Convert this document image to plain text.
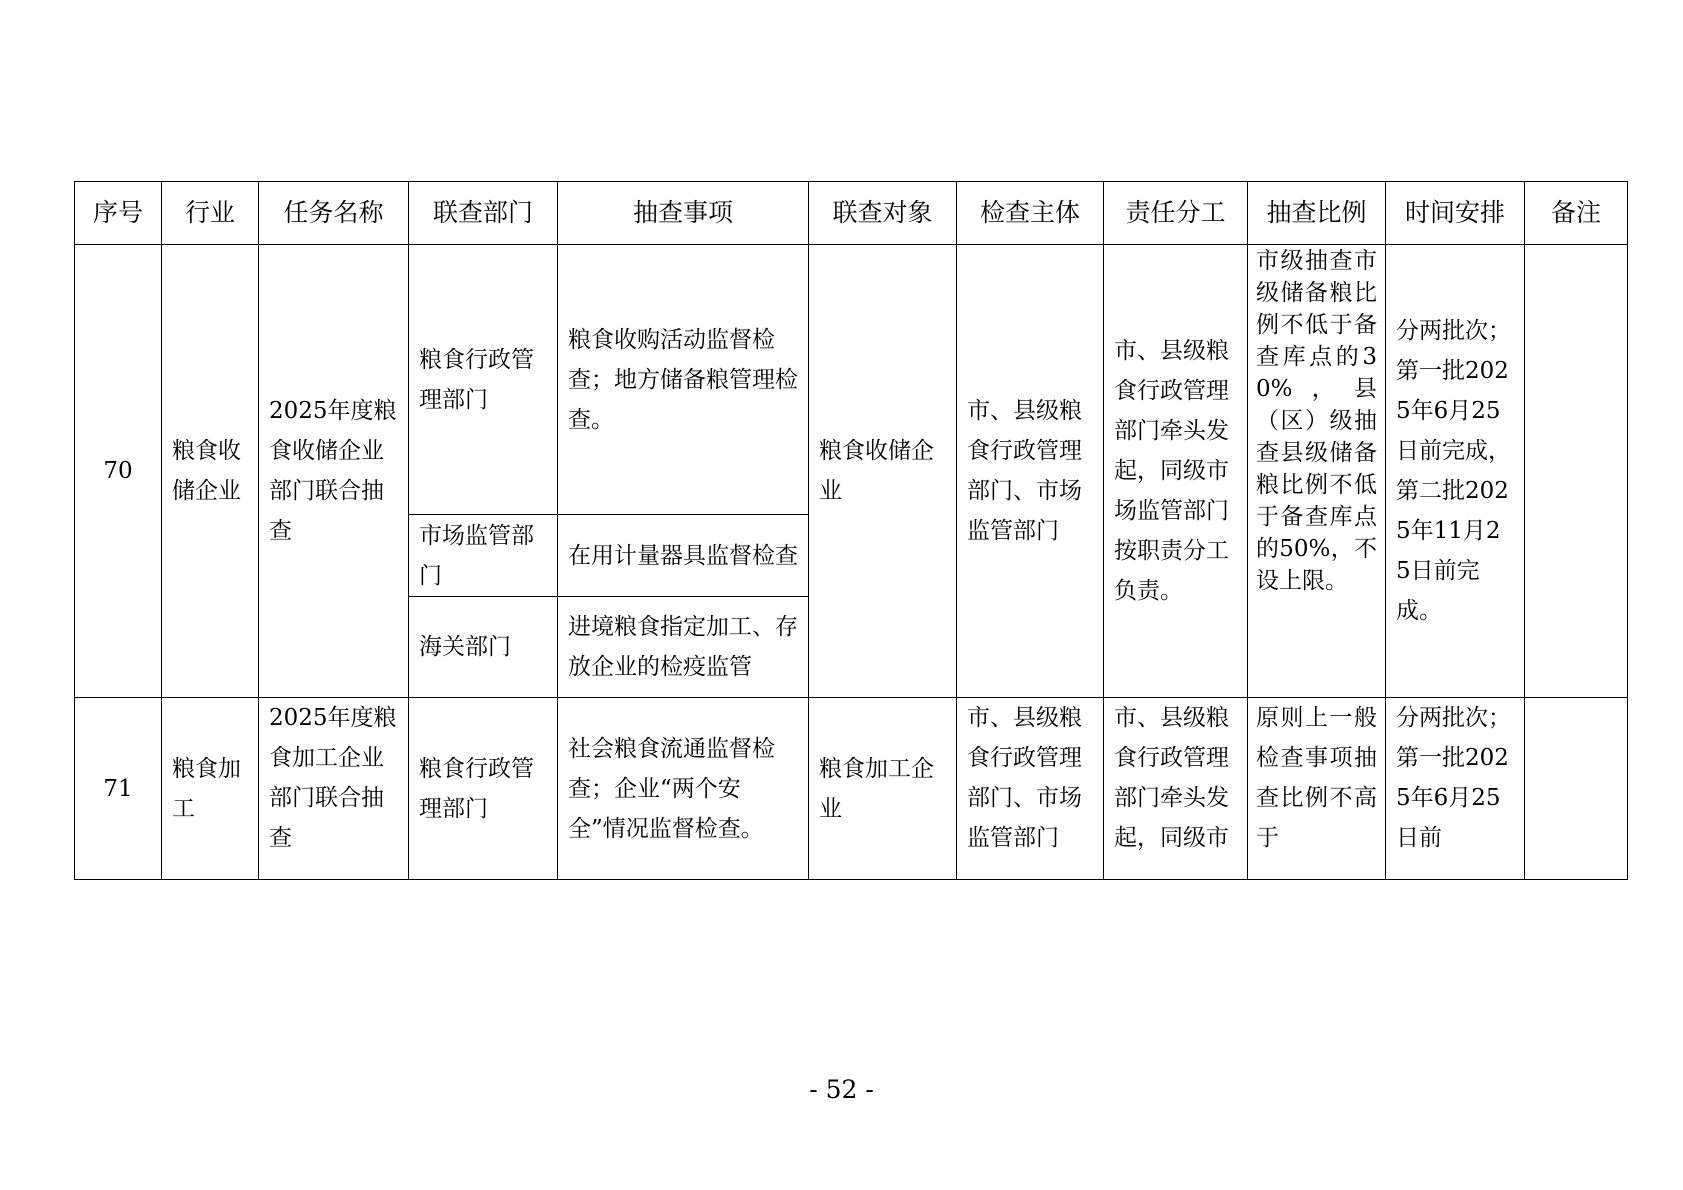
序号	行业	任务名称	联查部门	抽查事项	联查对象	检查主体	责任分工	抽查比例	时间安排	备注
70	粮食收储企业	2025年度粮食收储企业部门联合抽查	粮食行政管理部门	粮食收购活动监督检查；地方储备粮管理检查。	粮食收储企业	市、县级粮食行政管理部门、市场监管部门	市、县级粮食行政管理部门牵头发起，同级市场监管部门按职责分工负责。	市级抽查市级储备粮比例不低于备查库点的30%，县（区）级抽查县级储备粮比例不低于备查库点的50%，不设上限。	分两批次；第一批2025年6月25日前完成，第二批2025年11月25日前完成。	
			市场监管部门	在用计量器具监督检查						
			海关部门	进境粮食指定加工、存放企业的检疫监管						
71	粮食加工	2025年度粮食加工企业部门联合抽查	粮食行政管理部门	社会粮食流通监督检查；企业“两个安全”情况监督检查。	粮食加工企业	市、县级粮食行政管理部门、市场监管部门	市、县级粮食行政管理部门牵头发起，同级市	原则上一般检查事项抽查比例不高于	分两批次；第一批2025年6月25日前	
- 52 -
